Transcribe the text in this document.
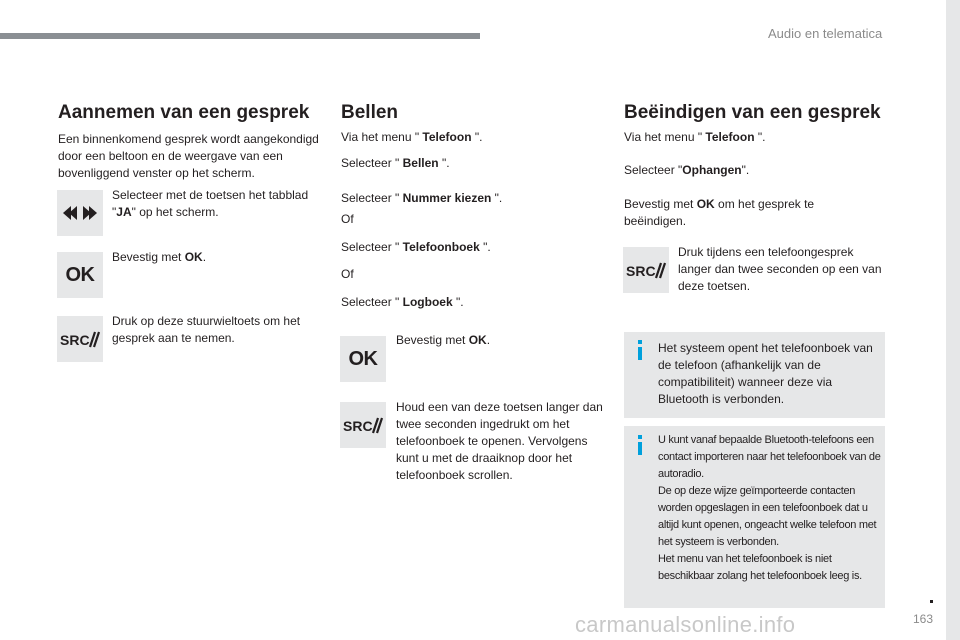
Audio en telematica
Aannemen van een gesprek

Een binnenkomend gesprek wordt aangekondigd door een beltoon en de weergave van een bovenliggend venster op het scherm.

Selecteer met de toetsen het tabblad "JA" op het scherm.

OK

Bevestig met OK.

SRC

Druk op deze stuurwieltoets om het gesprek aan te nemen.

Bellen

Via het menu " Telefoon ".

Selecteer " Bellen ".

Selecteer " Nummer kiezen ".

Of

Selecteer " Telefoonboek ".

Of

Selecteer " Logboek ".

OK

Bevestig met OK.

SRC

Houd een van deze toetsen langer dan twee seconden ingedrukt om het telefoonboek te openen. Vervolgens kunt u met de draaiknop door het telefoonboek scrollen.

Beëindigen van een gesprek

Via het menu " Telefoon ".

Selecteer "Ophangen".

Bevestig met OK om het gesprek te beëindigen.

SRC

Druk tijdens een telefoongesprek langer dan twee seconden op een van deze toetsen.

Het systeem opent het telefoonboek van de telefoon (afhankelijk van de compatibiliteit) wanneer deze via Bluetooth is verbonden.

U kunt vanaf bepaalde Bluetooth-telefoons een contact importeren naar het telefoonboek van de autoradio.
De op deze wijze geïmporteerde contacten worden opgeslagen in een telefoonboek dat u altijd kunt openen, ongeacht welke telefoon met het systeem is verbonden.
Het menu van het telefoonboek is niet beschikbaar zolang het telefoonboek leeg is.

carmanualsonline.info	163
